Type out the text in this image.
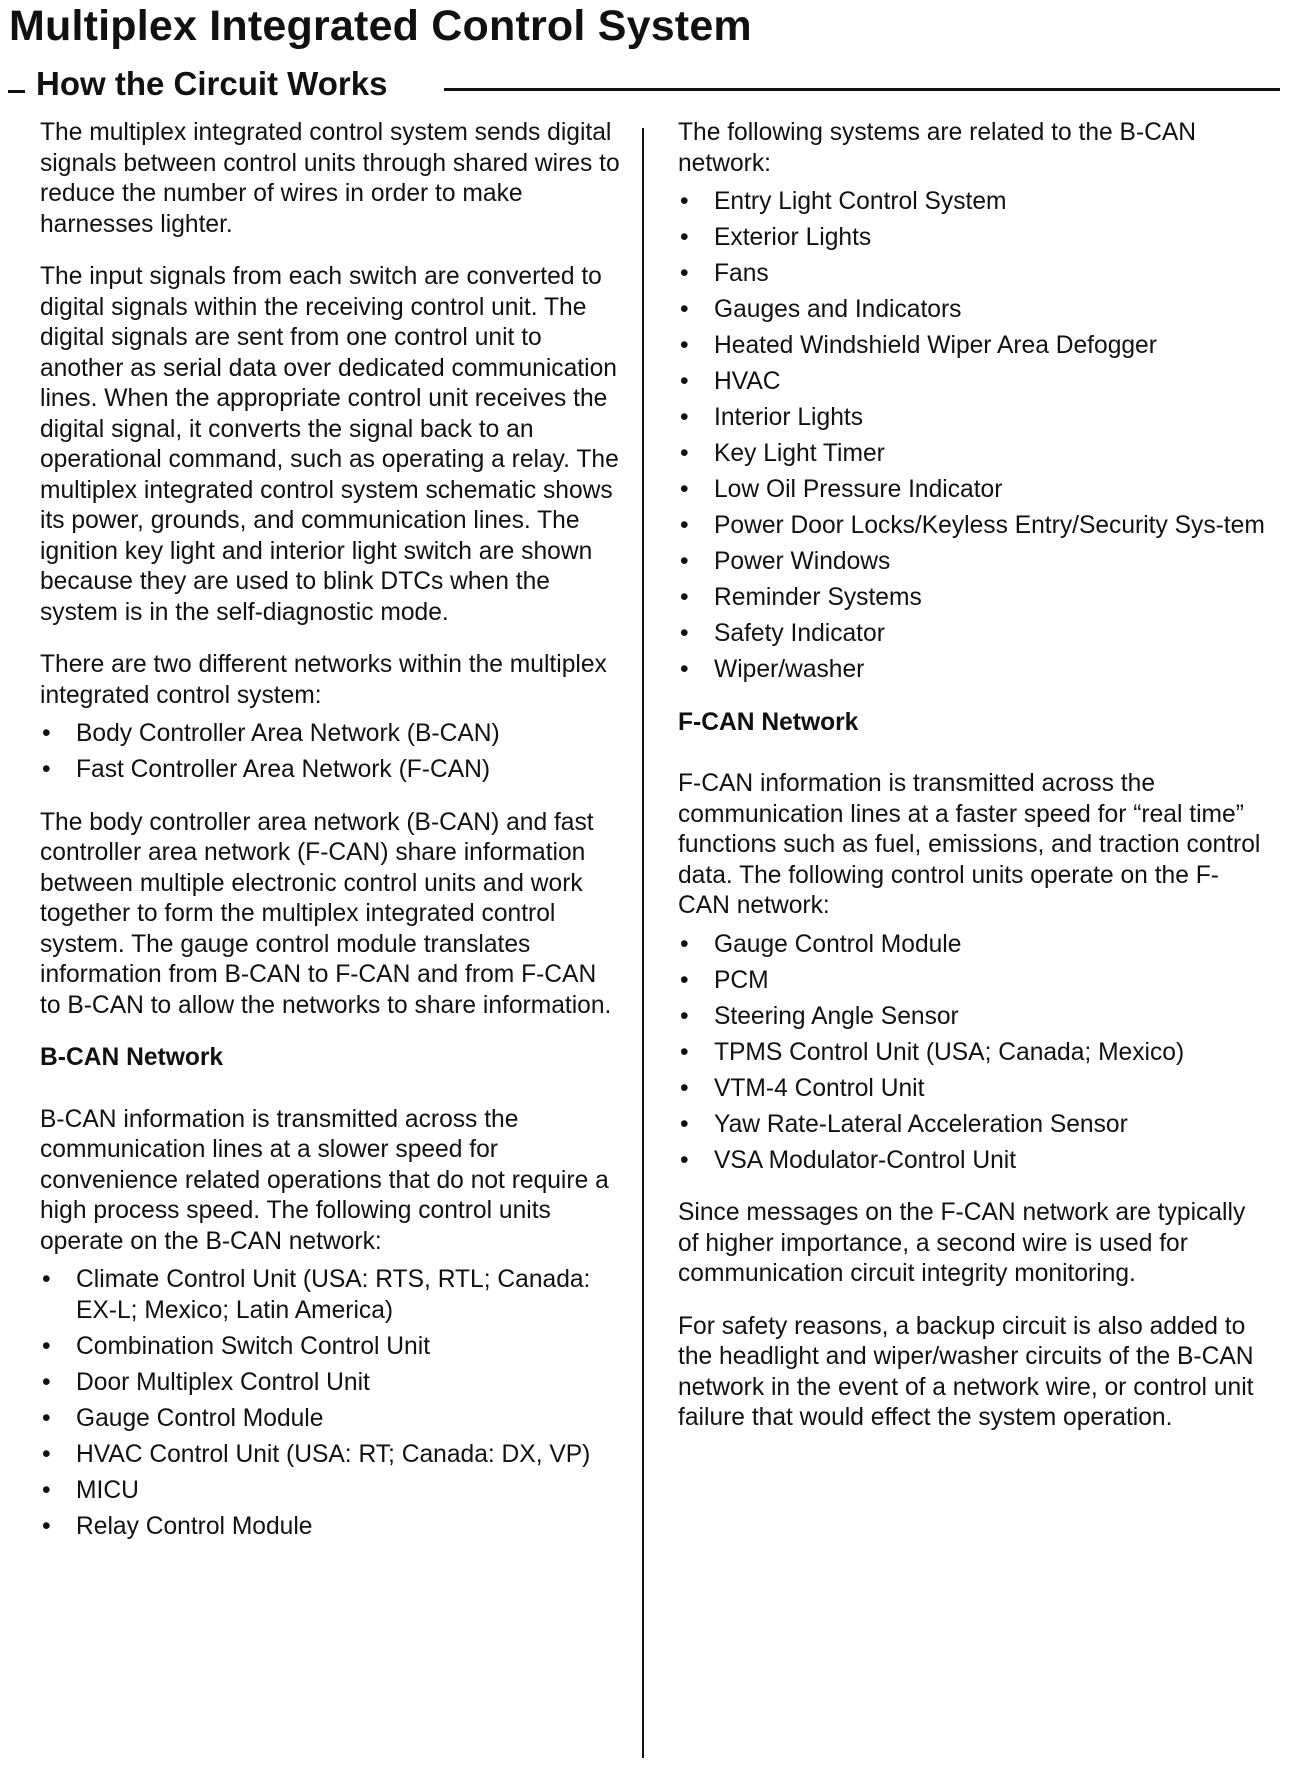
Multiplex Integrated Control System
How the Circuit Works

The multiplex integrated control system sends digital signals between control units through shared wires to reduce the number of wires in order to make harnesses lighter.

The input signals from each switch are converted to digital signals within the receiving control unit. The digital signals are sent from one control unit to another as serial data over dedicated communication lines. When the appropriate control unit receives the digital signal, it converts the signal back to an operational command, such as operating a relay. The multiplex integrated control system schematic shows its power, grounds, and communication lines. The ignition key light and interior light switch are shown because they are used to blink DTCs when the system is in the self-diagnostic mode.

There are two different networks within the multiplex integrated control system:

• Body Controller Area Network (B-CAN)
• Fast Controller Area Network (F-CAN)

The body controller area network (B-CAN) and fast controller area network (F-CAN) share information between multiple electronic control units and work together to form the multiplex integrated control system. The gauge control module translates information from B-CAN to F-CAN and from F-CAN to B-CAN to allow the networks to share information.

B-CAN Network

B-CAN information is transmitted across the communication lines at a slower speed for convenience related operations that do not require a high process speed. The following control units operate on the B-CAN network:

• Climate Control Unit (USA: RTS, RTL; Canada: EX-L; Mexico; Latin America)
• Combination Switch Control Unit
• Door Multiplex Control Unit
• Gauge Control Module
• HVAC Control Unit (USA: RT; Canada: DX, VP)
• MICU
• Relay Control Module

The following systems are related to the B-CAN network:

• Entry Light Control System
• Exterior Lights
• Fans
• Gauges and Indicators
• Heated Windshield Wiper Area Defogger
• HVAC
• Interior Lights
• Key Light Timer
• Low Oil Pressure Indicator
• Power Door Locks/Keyless Entry/Security Sys-tem
• Power Windows
• Reminder Systems
• Safety Indicator
• Wiper/washer

F-CAN Network

F-CAN information is transmitted across the communication lines at a faster speed for “real time” functions such as fuel, emissions, and traction control data. The following control units operate on the F-CAN network:

• Gauge Control Module
• PCM
• Steering Angle Sensor
• TPMS Control Unit (USA; Canada; Mexico)
• VTM-4 Control Unit
• Yaw Rate-Lateral Acceleration Sensor
• VSA Modulator-Control Unit

Since messages on the F-CAN network are typically of higher importance, a second wire is used for communication circuit integrity monitoring.

For safety reasons, a backup circuit is also added to the headlight and wiper/washer circuits of the B-CAN network in the event of a network wire, or control unit failure that would effect the system operation.
